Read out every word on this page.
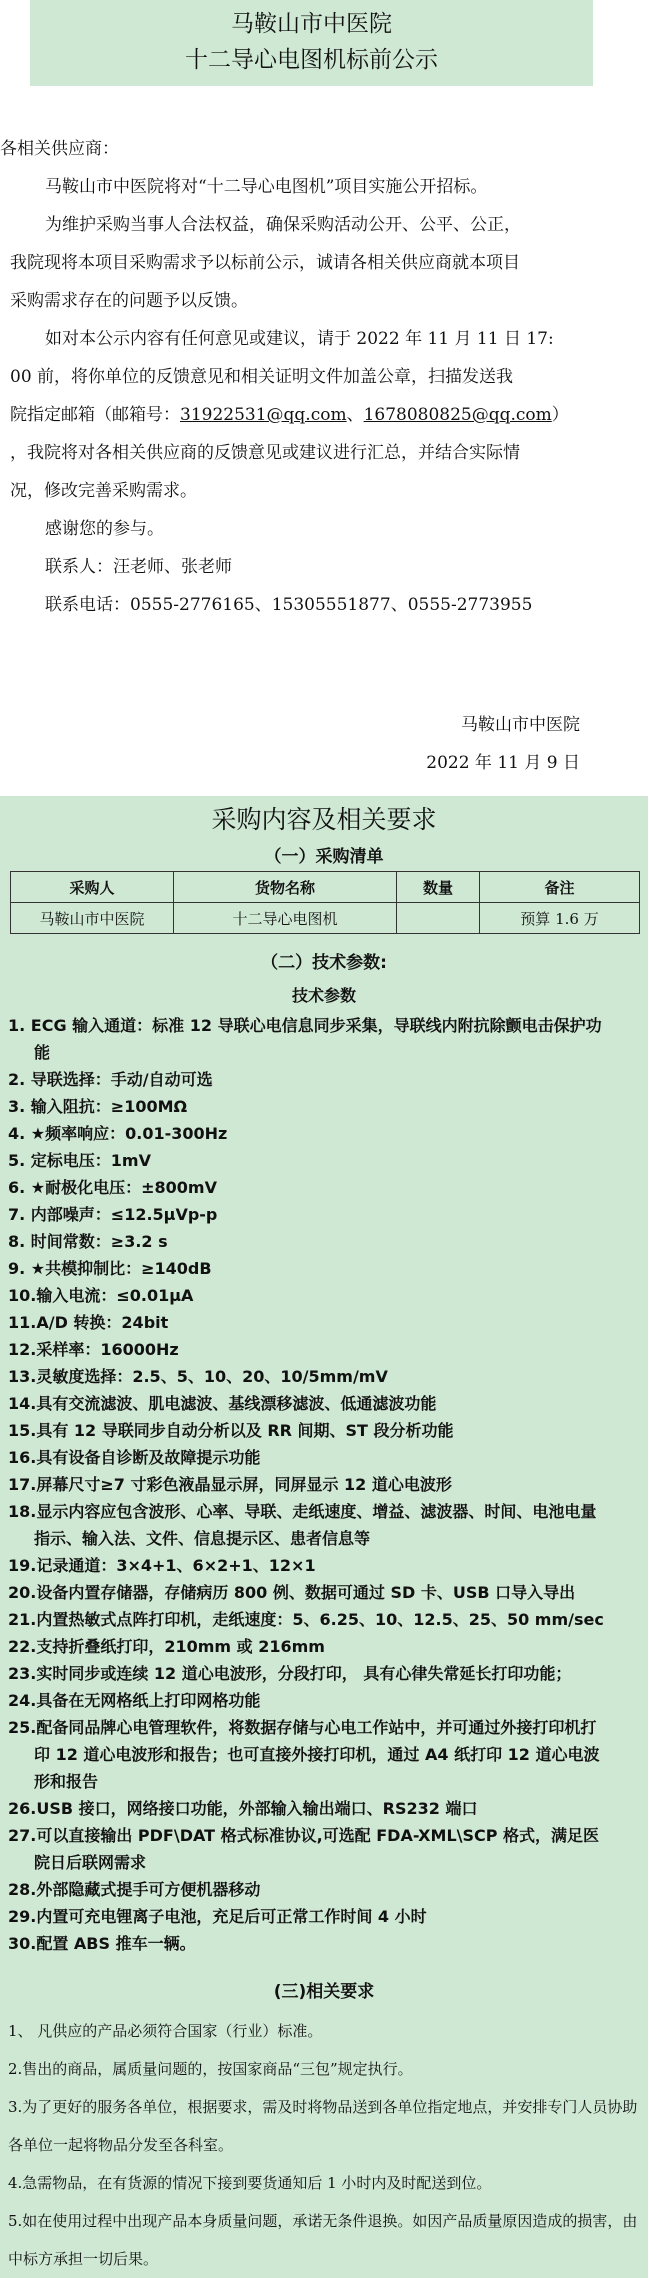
马鞍山市中医院
十二导心电图机标前公示

各相关供应商：

马鞍山市中医院将对“十二导心电图机”项目实施公开招标。

为维护采购当事人合法权益，确保采购活动公开、公平、公正，

我院现将本项目采购需求予以标前公示，诚请各相关供应商就本项目

采购需求存在的问题予以反馈。

如对本公示内容有任何意见或建议，请于 2022 年 11 月 11 日 17:

00 前，将你单位的反馈意见和相关证明文件加盖公章，扫描发送我

院指定邮箱（邮箱号：31922531@qq.com、1678080825@qq.com）

，我院将对各相关供应商的反馈意见或建议进行汇总，并结合实际情

况，修改完善采购需求。

感谢您的参与。

联系人：汪老师、张老师

联系电话：0555-2776165、15305551877、0555-2773955

马鞍山市中医院
2022 年 11 月 9 日
采购内容及相关要求
（一）采购清单
采购人	货物名称	数量	备注
马鞍山市中医院	十二导心电图机		预算 1.6 万
（二）技术参数:
技术参数
1. ECG 输入通道：标准 12 导联心电信息同步采集，导联线内附抗除颤电击保护功能
2. 导联选择：手动/自动可选
3. 输入阻抗：≥100MΩ
4. ★频率响应：0.01-300Hz
5. 定标电压：1mV
6. ★耐极化电压：±800mV
7. 内部噪声：≤12.5μVp-p
8. 时间常数：≥3.2 s
9. ★共模抑制比：≥140dB
10.输入电流：≤0.01μA
11.A/D 转换：24bit
12.采样率：16000Hz
13.灵敏度选择：2.5、5、10、20、10/5mm/mV
14.具有交流滤波、肌电滤波、基线漂移滤波、低通滤波功能
15.具有 12 导联同步自动分析以及 RR 间期、ST 段分析功能
16.具有设备自诊断及故障提示功能
17.屏幕尺寸≥7 寸彩色液晶显示屏，同屏显示 12 道心电波形
18.显示内容应包含波形、心率、导联、走纸速度、增益、滤波器、时间、电池电量指示、输入法、文件、信息提示区、患者信息等
19.记录通道：3×4+1、6×2+1、12×1
20.设备内置存储器，存储病历 800 例、数据可通过 SD 卡、USB 口导入导出
21.内置热敏式点阵打印机，走纸速度：5、6.25、10、12.5、25、50 mm/sec
22.支持折叠纸打印，210mm 或 216mm
23.实时同步或连续 12 道心电波形，分段打印， 具有心律失常延长打印功能；
24.具备在无网格纸上打印网格功能
25.配备同品牌心电管理软件，将数据存储与心电工作站中，并可通过外接打印机打印 12 道心电波形和报告；也可直接外接打印机，通过 A4 纸打印 12 道心电波形和报告
26.USB 接口，网络接口功能，外部输入输出端口、RS232 端口
27.可以直接输出 PDF\DAT 格式标准协议,可选配 FDA-XML\SCP 格式，满足医院日后联网需求
28.外部隐藏式提手可方便机器移动
29.内置可充电锂离子电池，充足后可正常工作时间 4 小时
30.配置 ABS 推车一辆。
(三)相关要求
1、 凡供应的产品必须符合国家（行业）标准。
2.售出的商品，属质量问题的，按国家商品“三包”规定执行。
3.为了更好的服务各单位，根据要求，需及时将物品送到各单位指定地点，并安排专门人员协助各单位一起将物品分发至各科室。
4.急需物品，在有货源的情况下接到要货通知后 1 小时内及时配送到位。
5.如在使用过程中出现产品本身质量问题，承诺无条件退换。如因产品质量原因造成的损害，由中标方承担一切后果。
